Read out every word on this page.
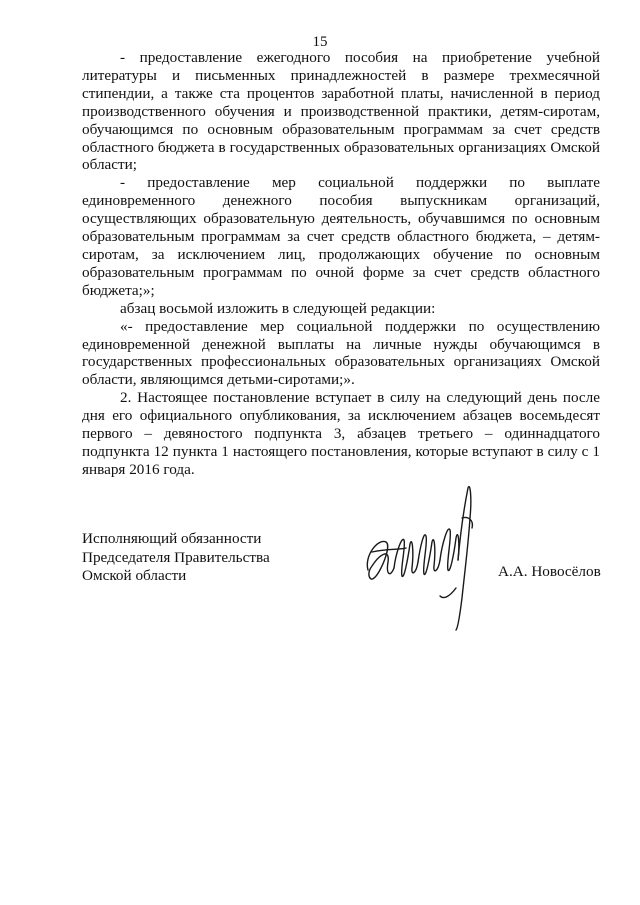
15

- предоставление ежегодного пособия на приобретение учебной литературы и письменных принадлежностей в размере трехмесячной стипендии, а также ста процентов заработной платы, начисленной в период производственного обучения и производственной практики, детям-сиротам, обучающимся по основным образовательным программам за счет средств областного бюджета в государственных образовательных организациях Омской области;

- предоставление мер социальной поддержки по выплате единовременного денежного пособия выпускникам организаций, осуществляющих образовательную деятельность, обучавшимся по основным образовательным программам за счет средств областного бюджета, – детям-сиротам, за исключением лиц, продолжающих обучение по основным образовательным программам по очной форме за счет средств областного бюджета;»;

абзац восьмой изложить в следующей редакции:

«- предоставление мер социальной поддержки по осуществлению единовременной денежной выплаты на личные нужды обучающимся в государственных профессиональных образовательных организациях Омской области, являющимся детьми-сиротами;».

2. Настоящее постановление вступает в силу на следующий день после дня его официального опубликования, за исключением абзацев восемьдесят первого – девяностого подпункта 3, абзацев третьего – одиннадцатого подпункта 12 пункта 1 настоящего постановления, которые вступают в силу с 1 января 2016 года.

Исполняющий обязанности
Председателя Правительства
Омской области	А.А. Новосёлов
